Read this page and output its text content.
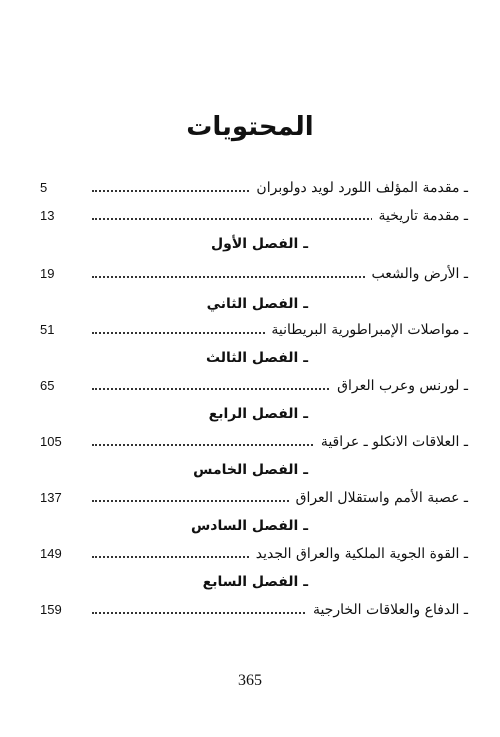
المحتويات
5	ـ مقدمة المؤلف اللورد لويد دولوبران
13	ـ مقدمة تاريخية
ـ الفصل الأول
19	ـ الأرض والشعب
ـ الفصل الثاني
51	ـ مواصلات الإمبراطورية البريطانية
ـ الفصل الثالث
65	ـ لورنس وعرب العراق
ـ الفصل الرابع
105	ـ العلاقات الانكلو ـ عراقية
ـ الفصل الخامس
137	ـ عصبة الأمم واستقلال العراق
ـ الفصل السادس
149	ـ القوة الجوية الملكية والعراق الجديد
ـ الفصل السابع
159	ـ الدفاع والعلاقات الخارجية
365
